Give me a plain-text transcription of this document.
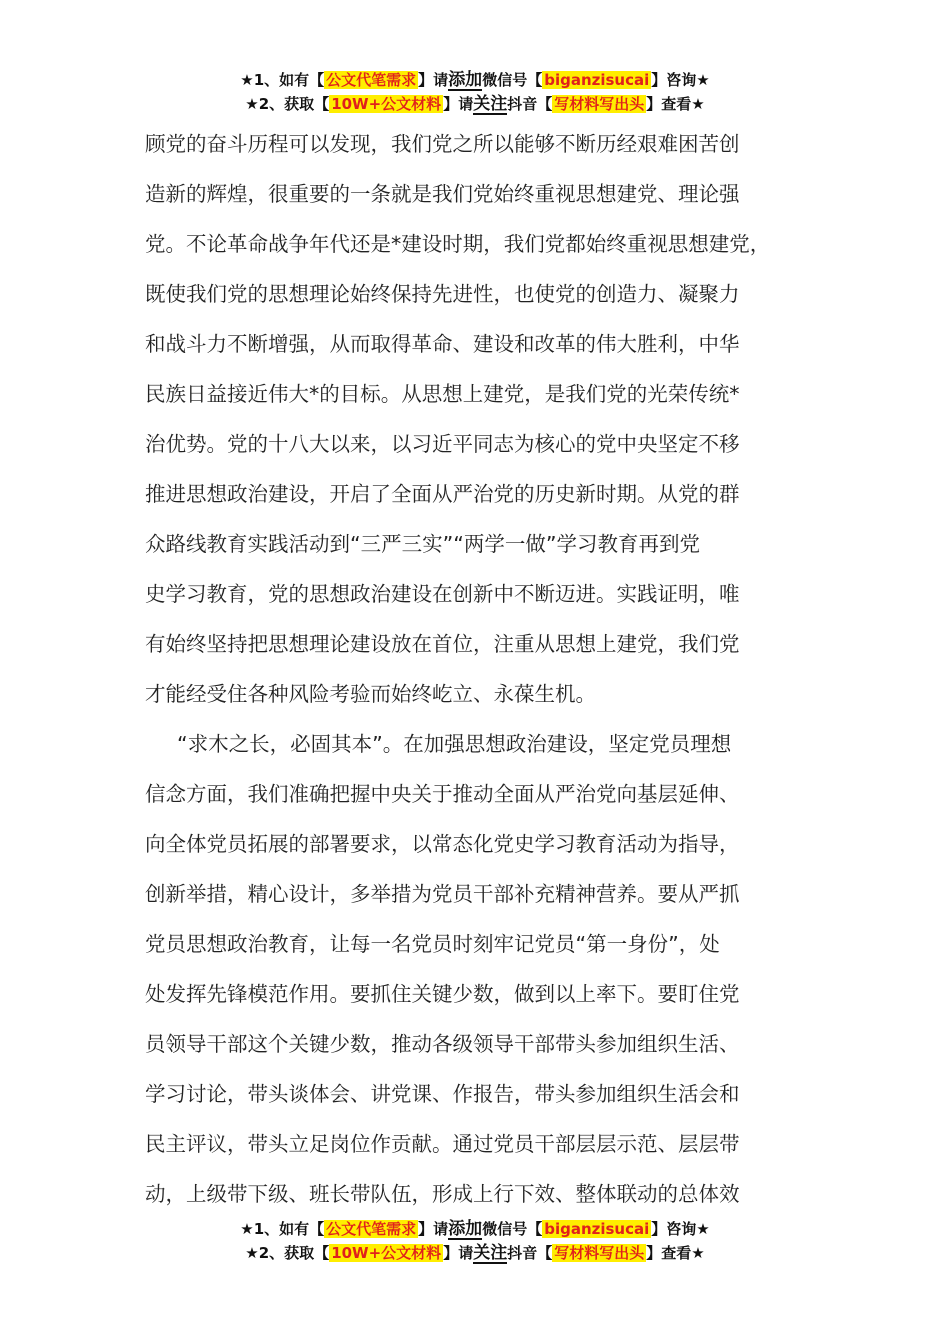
★1、如有【 公文代笔需求 】请添加微信号【 biganzisucai 】咨询★
★2、获取【 10W+公文材料 】请关注抖音【 写材料写出头 】查看★

顾党的奋斗历程可以发现，我们党之所以能够不断历经艰难困苦创
造新的辉煌，很重要的一条就是我们党始终重视思想建党、理论强
党。不论革命战争年代还是*建设时期，我们党都始终重视思想建党，
既使我们党的思想理论始终保持先进性，也使党的创造力、凝聚力
和战斗力不断增强，从而取得革命、建设和改革的伟大胜利，中华
民族日益接近伟大*的目标。从思想上建党，是我们党的光荣传统*
治优势。党的十八大以来，以习近平同志为核心的党中央坚定不移
推进思想政治建设，开启了全面从严治党的历史新时期。从党的群
众路线教育实践活动到“三严三实”“两学一做”学习教育再到党
史学习教育，党的思想政治建设在创新中不断迈进。实践证明，唯
有始终坚持把思想理论建设放在首位，注重从思想上建党，我们党
才能经受住各种风险考验而始终屹立、永葆生机。

“求木之长，必固其本”。在加强思想政治建设，坚定党员理想
信念方面，我们准确把握中央关于推动全面从严治党向基层延伸、
向全体党员拓展的部署要求，以常态化党史学习教育活动为指导，
创新举措，精心设计，多举措为党员干部补充精神营养。要从严抓
党员思想政治教育，让每一名党员时刻牢记党员“第一身份”，处
处发挥先锋模范作用。要抓住关键少数，做到以上率下。要盯住党
员领导干部这个关键少数，推动各级领导干部带头参加组织生活、
学习讨论，带头谈体会、讲党课、作报告，带头参加组织生活会和
民主评议，带头立足岗位作贡献。通过党员干部层层示范、层层带
动，上级带下级、班长带队伍，形成上行下效、整体联动的总体效

★1、如有【 公文代笔需求 】请添加微信号【 biganzisucai 】咨询★
★2、获取【 10W+公文材料 】请关注抖音【 写材料写出头 】查看★
